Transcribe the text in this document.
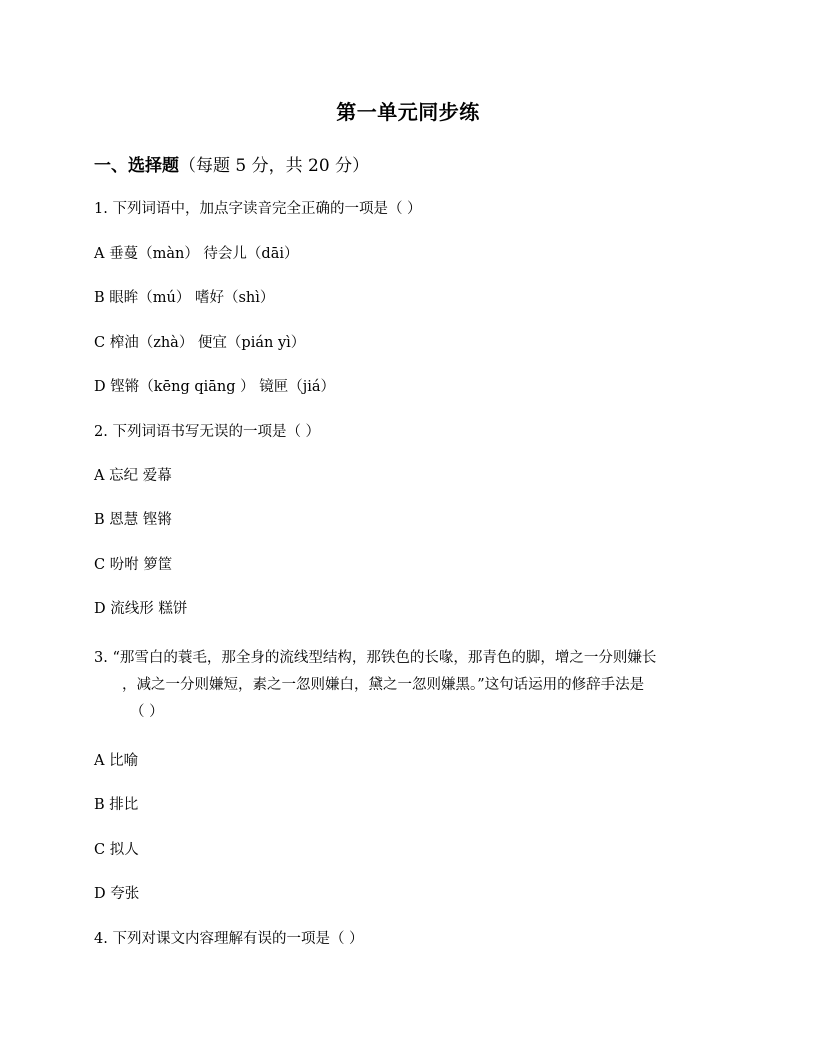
第一单元同步练
一、选择题（每题 5 分，共 20 分）
1. 下列词语中，加点字读音完全正确的一项是（ ）
A 垂蔓（màn） 待会儿（dāi）
B 眼眸（mú） 嗜好（shì）
C 榨油（zhà） 便宜（pián yì）
D 铿锵（kēng qiāng ） 镜匣（jiá）
2. 下列词语书写无误的一项是（ ）
A 忘纪 爱幕
B 恩慧 铿锵
C 吩咐 箩筐
D 流线形 糕饼
3. “那雪白的蓑毛，那全身的流线型结构，那铁色的长喙，那青色的脚，增之一分则嫌长
，减之一分则嫌短，素之一忽则嫌白，黛之一忽则嫌黑。”这句话运用的修辞手法是
（ ）
A 比喻
B 排比
C 拟人
D 夸张
4. 下列对课文内容理解有误的一项是（ ）
